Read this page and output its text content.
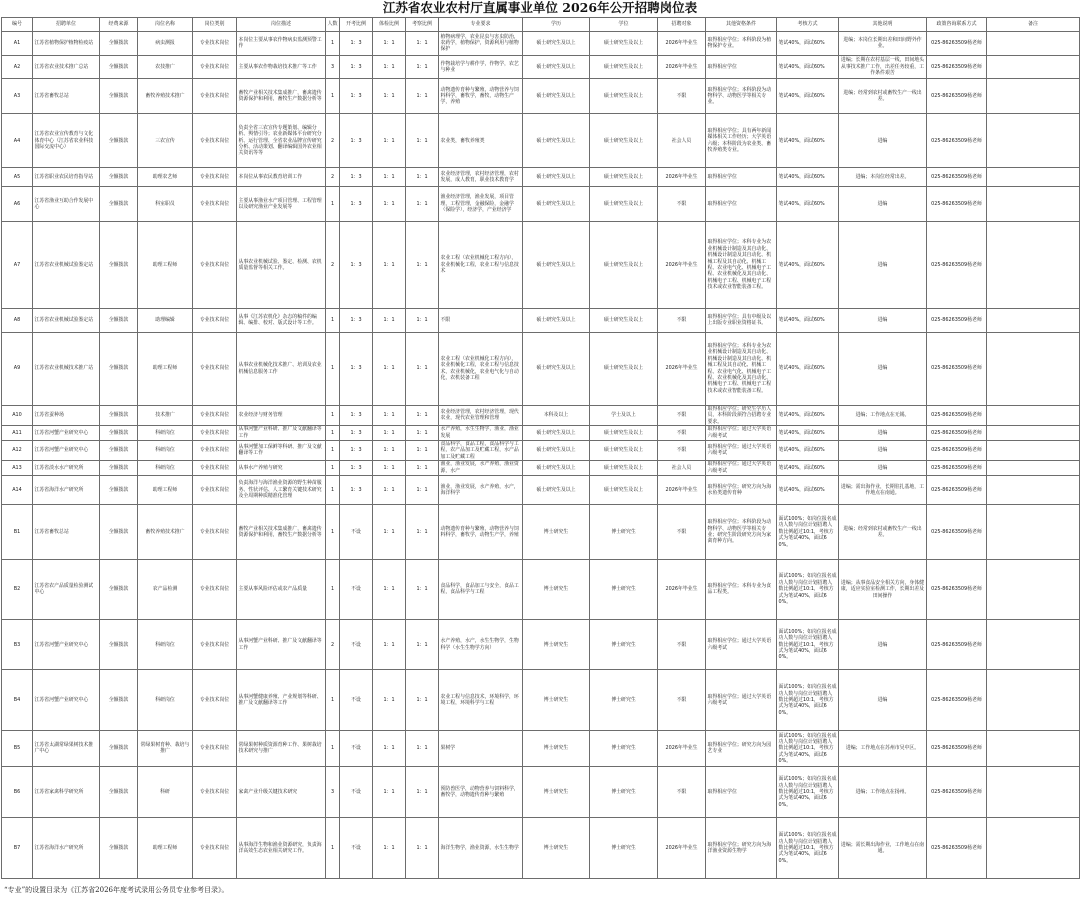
江苏省农业农村厅直属事业单位 2026年公开招聘岗位表
编号	招聘单位	经费来源	岗位名称	岗位类别	岗位描述	人数	开考比例	体检比例	考察比例	专业要求	学历	学位	招聘对象	其他资格条件	考核方式	其他说明	政策咨询联系方式	备注
A1	江苏省植物保护植物检疫站	全额拨款	病虫测报	专业技术岗位	本岗位主要从事农作物病虫监测预警工作	1	1：3	1：1	1：1	植物病理学，农业昆虫与害虫防治，农药学，植物保护，资源利用与植物保护	硕士研究生及以上	硕士研究生及以上	2026年毕业生	取得相应学位；本科阶段为植物保护专业。	笔试40%，面试60%	进编；本岗位长期出差和田间野外作业。	025-86263509杨老师	
A2	江苏省农业技术推广总站	全额拨款	农技推广	专业技术岗位	主要从事农作物栽培技术推广等工作	3	1：3	1：1	1：1	作物栽培学与耕作学，作物学，农艺与种业	硕士研究生及以上	硕士研究生及以上	2026年毕业生	取得相应学位	笔试40%，面试60%	进编；长期在农村基层一线，田间地头从事技术推广工作，出差任务较重，工作条件艰苦	025-86263509杨老师	
A3	江苏省畜牧总站	全额拨款	畜牧养殖技术推广	专业技术岗位	畜牧产业相关技术集成推广，畜禽遗传资源保护和利用，畜牧生产数据分析等	1	1：3	1：1	1：1	动物遗传育种与繁殖，动物营养与饲料科学，畜牧学，畜牧，动物生产学，养殖	硕士研究生及以上	硕士研究生及以上	不限	取得相应学位；本科阶段为动物科学、动物医学等相关专业。	笔试40%，面试60%	进编；经常到农村或畜牧生产一线出差。	025-86263509杨老师	
A4	江苏省农业宣传教育与文化体育中心（江苏省农业科技国际交流中心）	全额拨款	三农宣传	专业技术岗位	负责全省三农宣传专题策划、编辑分析、舆情引导；农业新媒体平台研究分析、运行管理、全省农业品牌宣传研究分析、活动策划、翻译编辑国外农业相关资讯等等	2	1：3	1：1	1：1	农业类，畜牧养殖类	硕士研究生及以上	硕士研究生及以上	社会人员	取得相应学位；具有两年新闻媒体相关工作经历；大学英语六级；本科阶段为农业类、畜牧养殖类专业。	笔试40%，面试60%	进编	025-86263509杨老师	
A5	江苏省职业农民培育指导站	全额拨款	助理农艺师	专业技术岗位	本岗位从事农民教育培训工作	2	1：3	1：1	1：1	农业经济管理，农村经济管理，农村发展，成人教育，职业技术教育学	硕士研究生及以上	硕士研究生及以上	2026年毕业生	取得相应学位	笔试40%，面试60%	进编；本岗位经常出差。	025-86263509杨老师	
A6	江苏省渔业互助合作发展中心	全额拨款	科室职员	专业技术岗位	主要从事渔业水产项目管理、工程管理以及研究渔业产业发展等	1	1：3	1：1	1：1	渔业经济管理，渔业发展，项目管理，工程管理，金融保险，金融学（保险学），经济学，产业经济学	硕士研究生及以上	硕士研究生及以上	不限	取得相应学位	笔试40%，面试60%	进编	025-86263509杨老师	
A7	江苏省农业机械试验鉴定站	全额拨款	助理工程师	专业技术岗位	从事农业机械试验、鉴定、检测、农机质量监督等相关工作。	2	1：3	1：1	1：1	农业工程（农业机械化工程方向），农业机械化工程，农业工程与信息技术	硕士研究生及以上	硕士研究生及以上	2026年毕业生	取得相应学位；本科专业为农业机械设计制造及其自动化、机械设计制造及其自动化、机械工程及其自动化、机械工程、农业电气化、机械电子工程、农业机械化及其自动化、机械电子工程、机械电子工程技术或农业智能装备工程。	笔试40%，面试60%	进编	025-86263509杨老师	
A8	江苏省农业机械试验鉴定站	全额拨款	助理编辑	专业技术岗位	从事《江苏农机化》杂志的稿件的编辑、编排、校对、版式设计等工作。	1	1：3	1：1	1：1	不限	硕士研究生及以上	硕士研究生及以上	不限	取得相应学位；具有中级及以上出版专业职业资格证书。	笔试40%，面试60%	进编	025-86263509杨老师	
A9	江苏省农业机械技术推广站	全额拨款	助理工程师	专业技术岗位	从事农业机械化技术推广、培训及农业机械信息服务工作	1	1：3	1：1	1：1	农业工程（农业机械化工程方向），农业机械化工程，农业工程与信息技术，农业机械化，农业电气化与自动化，农机装备工程	硕士研究生及以上	硕士研究生及以上	2026年毕业生	取得相应学位；本科专业为农业机械设计制造及其自动化、机械设计制造及其自动化、机械工程及其自动化、机械工程、农业电气化、机械电子工程、农业机械化及其自动化、机械电子工程、机械电子工程技术或农业智能装备工程。	笔试40%，面试60%	进编	025-86263509杨老师	
A10	江苏省蚕种场	全额拨款	技术推广	专业技术岗位	农业经济与财务管理	1	1：3	1：1	1：1	农业经济管理，农村经济管理，现代农业，现代农业管理和管理	本科及以上	学士及以上	不限	取得相应学位；研究生学历人员，本科阶段须符合招聘专业要求。	笔试40%，面试60%	进编；工作地点在无锡。	025-86263509杨老师	
A11	江苏省河蟹产业研究中心	全额拨款	科研岗位	专业技术岗位	从事河蟹产业科研、推广及文献翻译等工作	1	1：3	1：1	1：1	水产养殖，水生生物学，渔业，渔业发展	硕士研究生及以上	硕士研究生及以上	不限	取得相应学位；通过大学英语六级考试	笔试40%，面试60%	进编	025-86263509杨老师	
A12	江苏省河蟹产业研究中心	全额拨款	科研岗位	专业技术岗位	从事河蟹加工保鲜等科研、推广及文献翻译等工作	1	1：3	1：1	1：1	食品科学，食品工程，食品科学与工程，农产品加工及贮藏工程，水产品加工及贮藏工程	硕士研究生及以上	硕士研究生及以上	不限	取得相应学位；通过大学英语六级考试	笔试40%，面试60%	进编	025-86263509杨老师	
A13	江苏省淡水水产研究所	全额拨款	科研岗位	专业技术岗位	从事水产养殖与研究	1	1：3	1：1	1：1	渔业，渔业发展，水产养殖，渔业资源，水产	硕士研究生及以上	硕士研究生及以上	社会人员	取得相应学位；通过大学英语六级考试	笔试40%，面试60%	进编	025-86263509杨老师	
A14	江苏省海洋水产研究所	全额拨款	助理工程师	专业技术岗位	负责海洋与海洋渔业资源的野生种苗服务、性状评估、人工繁育关键技术研究及全周期种质精准化管理	1	1：3	1：1	1：1	渔业，渔业发展，水产养殖，水产，海洋科学	硕士研究生及以上	硕士研究生及以上	2026年毕业生	取得相应学位；研究方向为海水鱼类遗传育种	笔试40%，面试60%	进编；需出海作业，长期驻扎基地，工作地点在南通。	025-86263509杨老师	
B1	江苏省畜牧总站	全额拨款	畜牧养殖技术推广	专业技术岗位	畜牧产业相关技术集成推广，畜禽遗传资源保护和利用，畜牧生产数据分析等	1	不设	1：1	1：1	动物遗传育种与繁殖，动物营养与饲料科学，畜牧学，动物生产学，养殖	博士研究生	博士研究生	不限	取得相应学位；本科阶段为动物科学、动物医学等相关专业；研究生阶段研究方向为家禽育种方向。	面试100%；如岗位报名成功人数与岗位计划招聘人数比例超过10:1，考核方式为笔试40%，面试60%。	进编；经常到农村或畜牧生产一线出差。	025-86263509杨老师	
B2	江苏省农产品质量检验测试中心	全额拨款	农产品检测	专业技术岗位	主要从事风险评估或农产品质量	1	不设	1：1	1：1	食品科学，食品加工与安全，食品工程，食品科学与工程	博士研究生	博士研究生	2026年毕业生	取得相应学位；本科专业为食品工程类。	面试100%；如岗位报名成功人数与岗位计划招聘人数比例超过10:1，考核方式为笔试40%，面试60%。	进编；从事食品安全相关方向，身体健康，适应实验室检测工作，长期出差及田间操作	025-86263509杨老师	
B3	江苏省河蟹产业研究中心	全额拨款	科研岗位	专业技术岗位	从事河蟹产业科研、推广及文献翻译等工作	2	不设	1：1	1：1	水产养殖，水产，水生生物学，生物科学（水生生物学方向）	博士研究生	博士研究生	不限	取得相应学位；通过大学英语六级考试	面试100%；如岗位报名成功人数与岗位计划招聘人数比例超过10:1，考核方式为笔试40%，面试60%。	进编	025-86263509杨老师	
B4	江苏省河蟹产业研究中心	全额拨款	科研岗位	专业技术岗位	从事河蟹健康养殖、产业规划等科研、推广及文献翻译等工作	1	不设	1：1	1：1	农业工程与信息技术，环境科学，环境工程，环境科学与工程	博士研究生	博士研究生	不限	取得相应学位；通过大学英语六级考试	面试100%；如岗位报名成功人数与岗位计划招聘人数比例超过10:1，考核方式为笔试40%，面试60%。	进编	025-86263509杨老师	
B5	江苏省太湖常绿果树技术推广中心	全额拨款	常绿果树育种、栽培与推广	专业技术岗位	常绿果树种质资源育种工作、果树栽培技术研究与推广	1	不设	1：1	1：1	果树学	博士研究生	博士研究生	2026年毕业生	取得相应学位；研究方向为园艺专业	面试100%；如岗位报名成功人数与岗位计划招聘人数比例超过10:1，考核方式为笔试40%，面试60%。	进编；工作地点在苏州市吴中区。	025-86263509杨老师	
B6	江苏省家禽科学研究所	全额拨款	科研	专业技术岗位	家禽产业升级关键技术研究	3	不设	1：1	1：1	预防兽医学，动物营养与饲料科学，畜牧学，动物遗传育种与繁殖	博士研究生	博士研究生	不限	取得相应学位	面试100%；如岗位报名成功人数与岗位计划招聘人数比例超过10:1，考核方式为笔试40%，面试60%。	进编；工作地点在扬州。	025-86263509杨老师	
B7	江苏省海洋水产研究所	全额拨款	助理工程师	专业技术岗位	从事海洋生物和渔业资源研究，负责海洋高效生态农业相关研究工作。	1	不设	1：1	1：1	海洋生物学，渔业资源，水生生物学	博士研究生	博士研究生	2026年毕业生	取得相应学位；研究方向为海洋渔业资源生物学	面试100%；如岗位报名成功人数与岗位计划招聘人数比例超过10:1，考核方式为笔试40%，面试60%。	进编；需长期出海作业，工作地点在南通。	025-86263509杨老师	
“专业”的设置目录为《江苏省2026年度考试录用公务员专业参考目录》。
